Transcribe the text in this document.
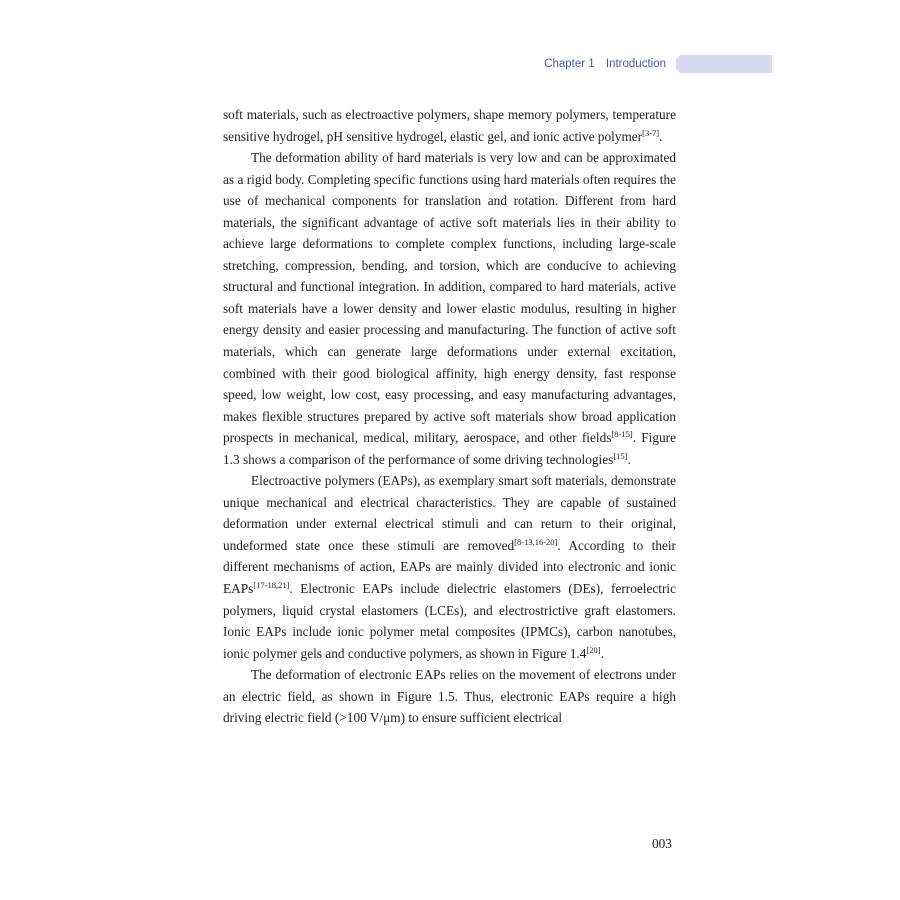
Chapter 1 Introduction

soft materials, such as electroactive polymers, shape memory polymers, temperature sensitive hydrogel, pH sensitive hydrogel, elastic gel, and ionic active polymer[3-7].

The deformation ability of hard materials is very low and can be approximated as a rigid body. Completing specific functions using hard materials often requires the use of mechanical components for translation and rotation. Different from hard materials, the significant advantage of active soft materials lies in their ability to achieve large deformations to complete complex functions, including large-scale stretching, compression, bending, and torsion, which are conducive to achieving structural and functional integration. In addition, compared to hard materials, active soft materials have a lower density and lower elastic modulus, resulting in higher energy density and easier processing and manufacturing. The function of active soft materials, which can generate large deformations under external excitation, combined with their good biological affinity, high energy density, fast response speed, low weight, low cost, easy processing, and easy manufacturing advantages, makes flexible structures prepared by active soft materials show broad application prospects in mechanical, medical, military, aerospace, and other fields[8-15]. Figure 1.3 shows a comparison of the performance of some driving technologies[15].

Electroactive polymers (EAPs), as exemplary smart soft materials, demonstrate unique mechanical and electrical characteristics. They are capable of sustained deformation under external electrical stimuli and can return to their original, undeformed state once these stimuli are removed[8-13,16-20]. According to their different mechanisms of action, EAPs are mainly divided into electronic and ionic EAPs[17-18,21]. Electronic EAPs include dielectric elastomers (DEs), ferroelectric polymers, liquid crystal elastomers (LCEs), and electrostrictive graft elastomers. Ionic EAPs include ionic polymer metal composites (IPMCs), carbon nanotubes, ionic polymer gels and conductive polymers, as shown in Figure 1.4[20].

The deformation of electronic EAPs relies on the movement of electrons under an electric field, as shown in Figure 1.5. Thus, electronic EAPs require a high driving electric field (>100 V/μm) to ensure sufficient electrical

003
